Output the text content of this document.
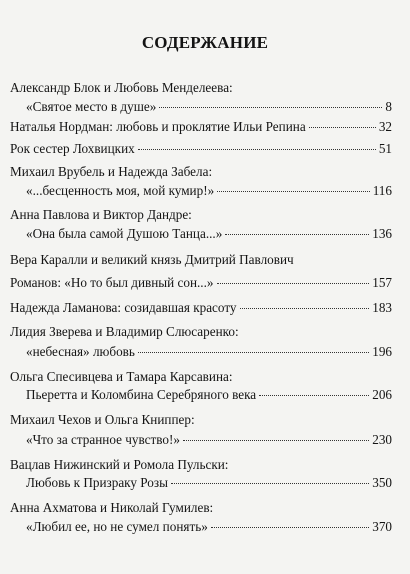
СОДЕРЖАНИЕ
Александр Блок и Любовь Менделеева:
«Святое место в душе»	8
Наталья Нордман: любовь и проклятие Ильи Репина	32
Рок сестер Лохвицких	51
Михаил Врубель и Надежда Забела:
«...бесценность моя, мой кумир!»	116
Анна Павлова и Виктор Дандре:
«Она была самой Душою Танца...»	136
Вера Каралли и великий князь Дмитрий Павлович
Романов: «Но то был дивный сон...»	157
Надежда Ламанова: созидавшая красоту	183
Лидия Зверева и Владимир Слюсаренко:
«небесная» любовь	196
Ольга Спесивцева и Тамара Карсавина:
Пьеретта и Коломбина Серебряного века	206
Михаил Чехов и Ольга Книппер:
«Что за странное чувство!»	230
Вацлав Нижинский и Ромола Пульски:
Любовь к Призраку Розы	350
Анна Ахматова и Николай Гумилев:
«Любил ее, но не сумел понять»	370
